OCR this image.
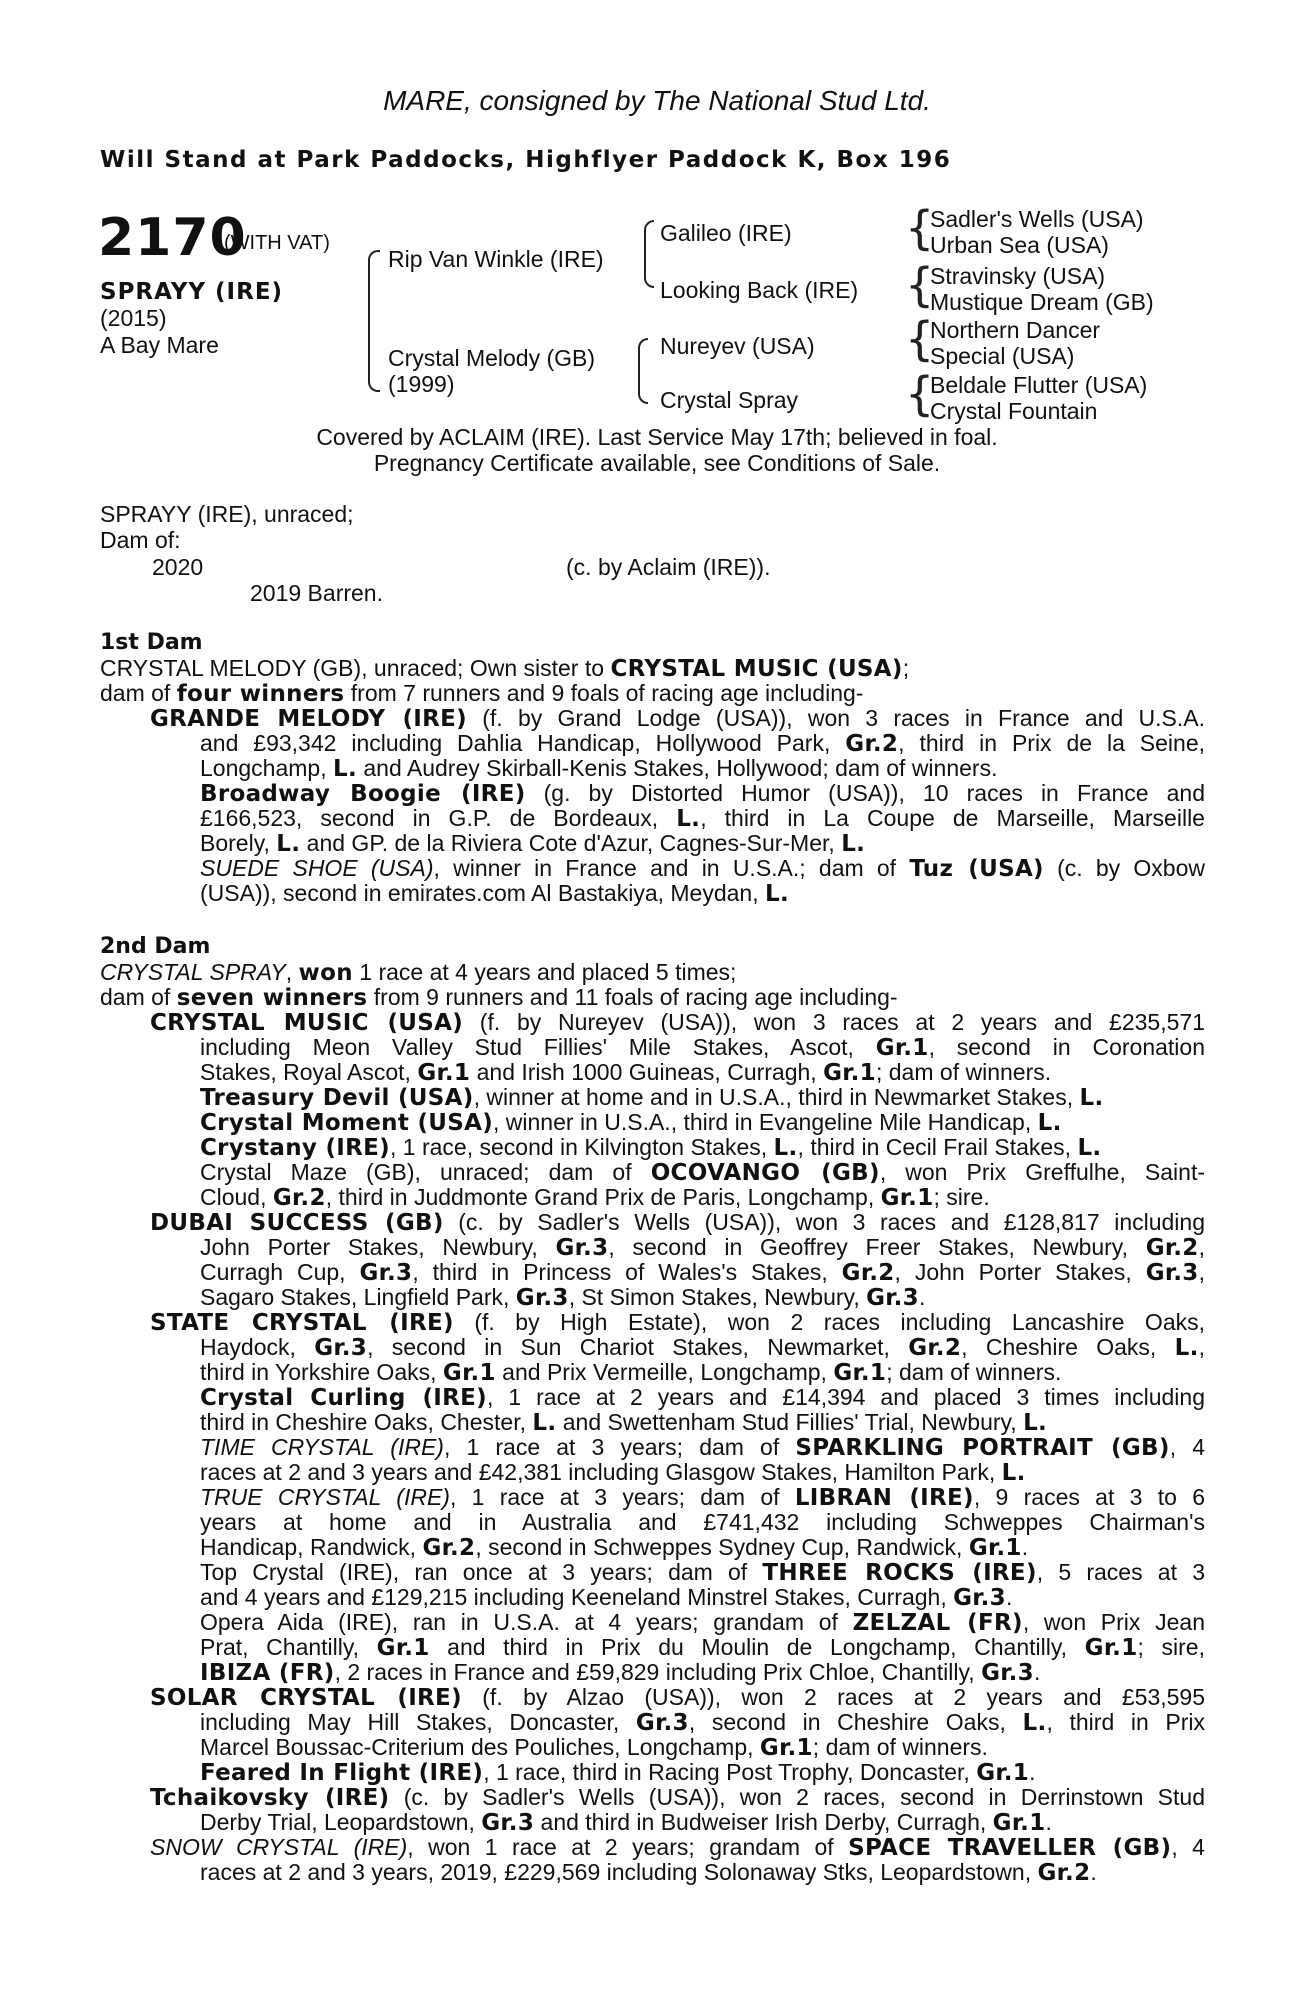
MARE, consigned by The National Stud Ltd.
Will Stand at Park Paddocks, Highflyer Paddock K, Box 196
2170
(WITH VAT)
SPRAYY (IRE)
(2015)
A Bay Mare
Rip Van Winkle (IRE)
Crystal Melody (GB)
(1999)
Galileo (IRE)
Looking Back (IRE)
Nureyev (USA)
Crystal Spray
{
Sadler's Wells (USA)
Urban Sea (USA)
{
Stravinsky (USA)
Mustique Dream (GB)
{
Northern Dancer
Special (USA)
{
Beldale Flutter (USA)
Crystal Fountain
Covered by ACLAIM (IRE). Last Service May 17th; believed in foal.
Pregnancy Certificate available, see Conditions of Sale.
SPRAYY (IRE), unraced;
Dam of:
2020	(c. by Aclaim (IRE)).
2019 Barren.
1st Dam
CRYSTAL MELODY (GB), unraced; Own sister to CRYSTAL MUSIC (USA);
dam of four winners from 7 runners and 9 foals of racing age including-
GRANDE MELODY (IRE) (f. by Grand Lodge (USA)), won 3 races in France and U.S.A.
and £93,342 including Dahlia Handicap, Hollywood Park, Gr.2, third in Prix de la Seine,
Longchamp, L. and Audrey Skirball-Kenis Stakes, Hollywood; dam of winners.
Broadway Boogie (IRE) (g. by Distorted Humor (USA)), 10 races in France and
£166,523, second in G.P. de Bordeaux, L., third in La Coupe de Marseille, Marseille
Borely, L. and GP. de la Riviera Cote d'Azur, Cagnes-Sur-Mer, L.
SUEDE SHOE (USA), winner in France and in U.S.A.; dam of Tuz (USA) (c. by Oxbow
(USA)), second in emirates.com Al Bastakiya, Meydan, L.
2nd Dam
CRYSTAL SPRAY, won 1 race at 4 years and placed 5 times;
dam of seven winners from 9 runners and 11 foals of racing age including-
CRYSTAL MUSIC (USA) (f. by Nureyev (USA)), won 3 races at 2 years and £235,571
including Meon Valley Stud Fillies' Mile Stakes, Ascot, Gr.1, second in Coronation
Stakes, Royal Ascot, Gr.1 and Irish 1000 Guineas, Curragh, Gr.1; dam of winners.
Treasury Devil (USA), winner at home and in U.S.A., third in Newmarket Stakes, L.
Crystal Moment (USA), winner in U.S.A., third in Evangeline Mile Handicap, L.
Crystany (IRE), 1 race, second in Kilvington Stakes, L., third in Cecil Frail Stakes, L.
Crystal Maze (GB), unraced; dam of OCOVANGO (GB), won Prix Greffulhe, Saint-
Cloud, Gr.2, third in Juddmonte Grand Prix de Paris, Longchamp, Gr.1; sire.
DUBAI SUCCESS (GB) (c. by Sadler's Wells (USA)), won 3 races and £128,817 including
John Porter Stakes, Newbury, Gr.3, second in Geoffrey Freer Stakes, Newbury, Gr.2,
Curragh Cup, Gr.3, third in Princess of Wales's Stakes, Gr.2, John Porter Stakes, Gr.3,
Sagaro Stakes, Lingfield Park, Gr.3, St Simon Stakes, Newbury, Gr.3.
STATE CRYSTAL (IRE) (f. by High Estate), won 2 races including Lancashire Oaks,
Haydock, Gr.3, second in Sun Chariot Stakes, Newmarket, Gr.2, Cheshire Oaks, L.,
third in Yorkshire Oaks, Gr.1 and Prix Vermeille, Longchamp, Gr.1; dam of winners.
Crystal Curling (IRE), 1 race at 2 years and £14,394 and placed 3 times including
third in Cheshire Oaks, Chester, L. and Swettenham Stud Fillies' Trial, Newbury, L.
TIME CRYSTAL (IRE), 1 race at 3 years; dam of SPARKLING PORTRAIT (GB), 4
races at 2 and 3 years and £42,381 including Glasgow Stakes, Hamilton Park, L.
TRUE CRYSTAL (IRE), 1 race at 3 years; dam of LIBRAN (IRE), 9 races at 3 to 6
years at home and in Australia and £741,432 including Schweppes Chairman's
Handicap, Randwick, Gr.2, second in Schweppes Sydney Cup, Randwick, Gr.1.
Top Crystal (IRE), ran once at 3 years; dam of THREE ROCKS (IRE), 5 races at 3
and 4 years and £129,215 including Keeneland Minstrel Stakes, Curragh, Gr.3.
Opera Aida (IRE), ran in U.S.A. at 4 years; grandam of ZELZAL (FR), won Prix Jean
Prat, Chantilly, Gr.1 and third in Prix du Moulin de Longchamp, Chantilly, Gr.1; sire,
IBIZA (FR), 2 races in France and £59,829 including Prix Chloe, Chantilly, Gr.3.
SOLAR CRYSTAL (IRE) (f. by Alzao (USA)), won 2 races at 2 years and £53,595
including May Hill Stakes, Doncaster, Gr.3, second in Cheshire Oaks, L., third in Prix
Marcel Boussac-Criterium des Pouliches, Longchamp, Gr.1; dam of winners.
Feared In Flight (IRE), 1 race, third in Racing Post Trophy, Doncaster, Gr.1.
Tchaikovsky (IRE) (c. by Sadler's Wells (USA)), won 2 races, second in Derrinstown Stud
Derby Trial, Leopardstown, Gr.3 and third in Budweiser Irish Derby, Curragh, Gr.1.
SNOW CRYSTAL (IRE), won 1 race at 2 years; grandam of SPACE TRAVELLER (GB), 4
races at 2 and 3 years, 2019, £229,569 including Solonaway Stks, Leopardstown, Gr.2.
